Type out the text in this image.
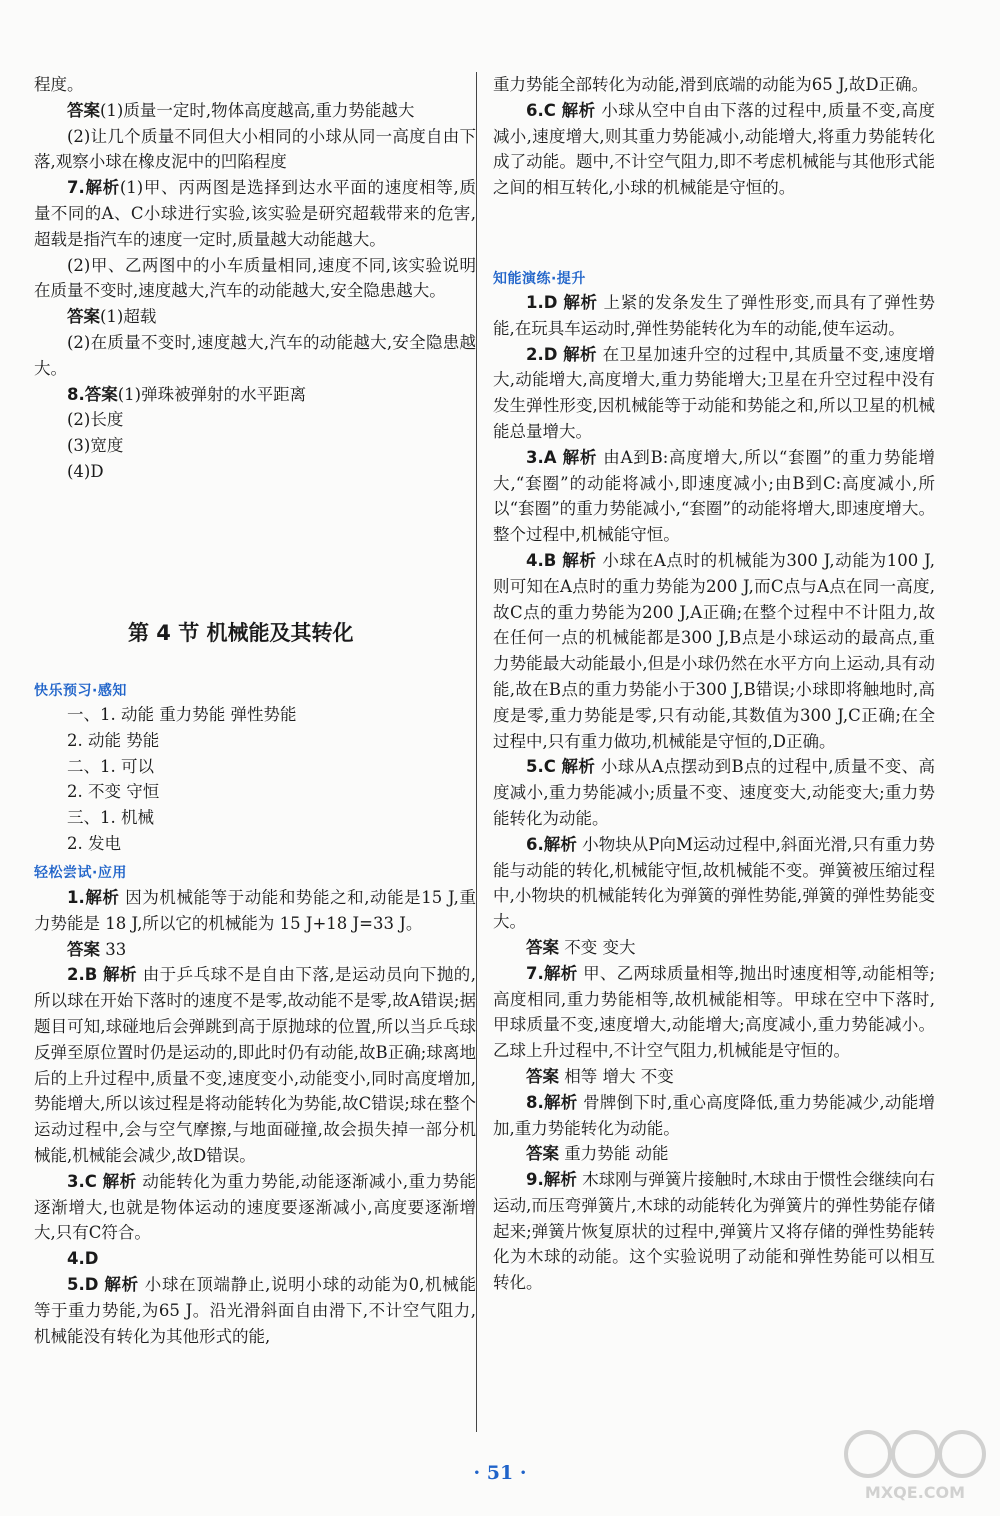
程度。

答案(1)质量一定时,物体高度越高,重力势能越大

(2)让几个质量不同但大小相同的小球从同一高度自由下落,观察小球在橡皮泥中的凹陷程度

7.解析(1)甲、丙两图是选择到达水平面的速度相等,质量不同的A、C小球进行实验,该实验是研究超载带来的危害,超载是指汽车的速度一定时,质量越大动能越大。

(2)甲、乙两图中的小车质量相同,速度不同,该实验说明在质量不变时,速度越大,汽车的动能越大,安全隐患越大。

答案(1)超载

(2)在质量不变时,速度越大,汽车的动能越大,安全隐患越大。

8.答案(1)弹珠被弹射的水平距离

(2)长度

(3)宽度

(4)D

第 4 节 机械能及其转化
快乐预习·感知

一、1. 动能 重力势能 弹性势能

2. 动能 势能

二、1. 可以

2. 不变 守恒

三、1. 机械

2. 发电

轻松尝试·应用

1.解析 因为机械能等于动能和势能之和,动能是15 J,重力势能是 18 J,所以它的机械能为 15 J+18 J=33 J。

答案 33

2.B 解析 由于乒乓球不是自由下落,是运动员向下抛的,所以球在开始下落时的速度不是零,故动能不是零,故A错误;据题目可知,球碰地后会弹跳到高于原抛球的位置,所以当乒乓球反弹至原位置时仍是运动的,即此时仍有动能,故B正确;球离地后的上升过程中,质量不变,速度变小,动能变小,同时高度增加,势能增大,所以该过程是将动能转化为势能,故C错误;球在整个运动过程中,会与空气摩擦,与地面碰撞,故会损失掉一部分机械能,机械能会减少,故D错误。

3.C 解析 动能转化为重力势能,动能逐渐减小,重力势能逐渐增大,也就是物体运动的速度要逐渐减小,高度要逐渐增大,只有C符合。

4.D

5.D 解析 小球在顶端静止,说明小球的动能为0,机械能等于重力势能,为65 J。沿光滑斜面自由滑下,不计空气阻力,机械能没有转化为其他形式的能,

重力势能全部转化为动能,滑到底端的动能为65 J,故D正确。

6.C 解析 小球从空中自由下落的过程中,质量不变,高度减小,速度增大,则其重力势能减小,动能增大,将重力势能转化成了动能。题中,不计空气阻力,即不考虑机械能与其他形式能之间的相互转化,小球的机械能是守恒的。

知能演练·提升

1.D 解析 上紧的发条发生了弹性形变,而具有了弹性势能,在玩具车运动时,弹性势能转化为车的动能,使车运动。

2.D 解析 在卫星加速升空的过程中,其质量不变,速度增大,动能增大,高度增大,重力势能增大;卫星在升空过程中没有发生弹性形变,因机械能等于动能和势能之和,所以卫星的机械能总量增大。

3.A 解析 由A到B:高度增大,所以“套圈”的重力势能增大,“套圈”的动能将减小,即速度减小;由B到C:高度减小,所以“套圈”的重力势能减小,“套圈”的动能将增大,即速度增大。整个过程中,机械能守恒。

4.B 解析 小球在A点时的机械能为300 J,动能为100 J,则可知在A点时的重力势能为200 J,而C点与A点在同一高度,故C点的重力势能为200 J,A正确;在整个过程中不计阻力,故在任何一点的机械能都是300 J,B点是小球运动的最高点,重力势能最大动能最小,但是小球仍然在水平方向上运动,具有动能,故在B点的重力势能小于300 J,B错误;小球即将触地时,高度是零,重力势能是零,只有动能,其数值为300 J,C正确;在全过程中,只有重力做功,机械能是守恒的,D正确。

5.C 解析 小球从A点摆动到B点的过程中,质量不变、高度减小,重力势能减小;质量不变、速度变大,动能变大;重力势能转化为动能。

6.解析 小物块从P向M运动过程中,斜面光滑,只有重力势能与动能的转化,机械能守恒,故机械能不变。弹簧被压缩过程中,小物块的机械能转化为弹簧的弹性势能,弹簧的弹性势能变大。

答案 不变 变大

7.解析 甲、乙两球质量相等,抛出时速度相等,动能相等;高度相同,重力势能相等,故机械能相等。甲球在空中下落时,甲球质量不变,速度增大,动能增大;高度减小,重力势能减小。乙球上升过程中,不计空气阻力,机械能是守恒的。

答案 相等 增大 不变

8.解析 骨牌倒下时,重心高度降低,重力势能减少,动能增加,重力势能转化为动能。

答案 重力势能 动能

9.解析 木球刚与弹簧片接触时,木球由于惯性会继续向右运动,而压弯弹簧片,木球的动能转化为弹簧片的弹性势能存储起来;弹簧片恢复原状的过程中,弹簧片又将存储的弹性势能转化为木球的动能。这个实验说明了动能和弹性势能可以相互转化。

· 51 ·
MXQE.COM
